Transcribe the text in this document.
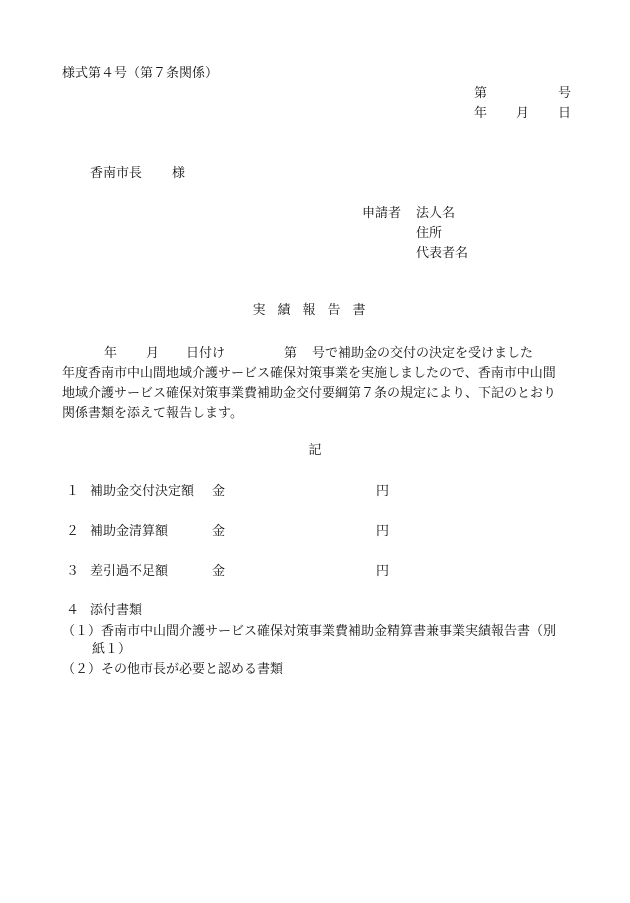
様式第４号（第７条関係）
第	号
年 月 日
香南市長 様
申請者 法人名
住所
代表者名
実績報告書
年 月 日付け	第 号で補助金の交付の決定を受けました
年度香南市中山間地域介護サービス確保対策事業を実施しましたので、香南市中山間
地域介護サービス確保対策事業費補助金交付要綱第７条の規定により、下記のとおり
関係書類を添えて報告します。
記
１ 補助金交付決定額 金	円
２ 補助金清算額	金	円
３ 差引過不足額	金	円
４ 添付書類
（１）香南市中山間介護サービス確保対策事業費補助金精算書兼事業実績報告書（別
紙１）
（２）その他市長が必要と認める書類
